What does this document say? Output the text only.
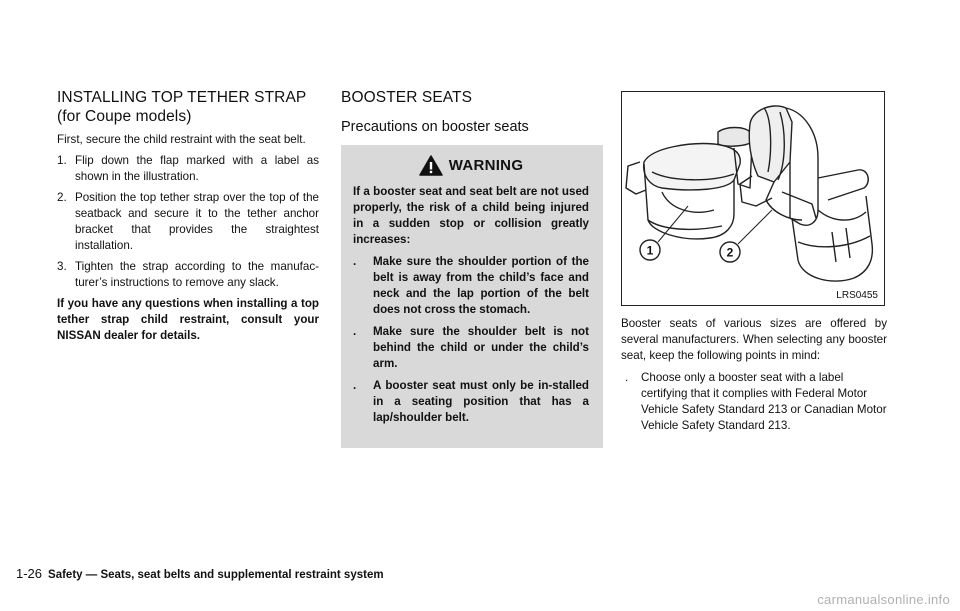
INSTALLING TOP TETHER STRAP (for Coupe models)

First, secure the child restraint with the seat belt.

1. Flip down the flap marked with a label as shown in the illustration.
2. Position the top tether strap over the top of the seatback and secure it to the tether anchor bracket that provides the straightest installation.
3. Tighten the strap according to the manufac-turer’s instructions to remove any slack.

If you have any questions when installing a top tether strap child restraint, consult your NISSAN dealer for details.

BOOSTER SEATS
Precautions on booster seats
WARNING

If a booster seat and seat belt are not used properly, the risk of a child being injured in a sudden stop or collision greatly increases:

. Make sure the shoulder portion of the belt is away from the child’s face and neck and the lap portion of the belt does not cross the stomach.
. Make sure the shoulder belt is not behind the child or under the child’s arm.
. A booster seat must only be in-stalled in a seating position that has a lap/shoulder belt.
1	2
LRS0455

Booster seats of various sizes are offered by several manufacturers. When selecting any booster seat, keep the following points in mind:

. Choose only a booster seat with a label certifying that it complies with Federal Motor Vehicle Safety Standard 213 or Canadian Motor Vehicle Safety Standard 213.
1-26 Safety — Seats, seat belts and supplemental restraint system
carmanualsonline.info
